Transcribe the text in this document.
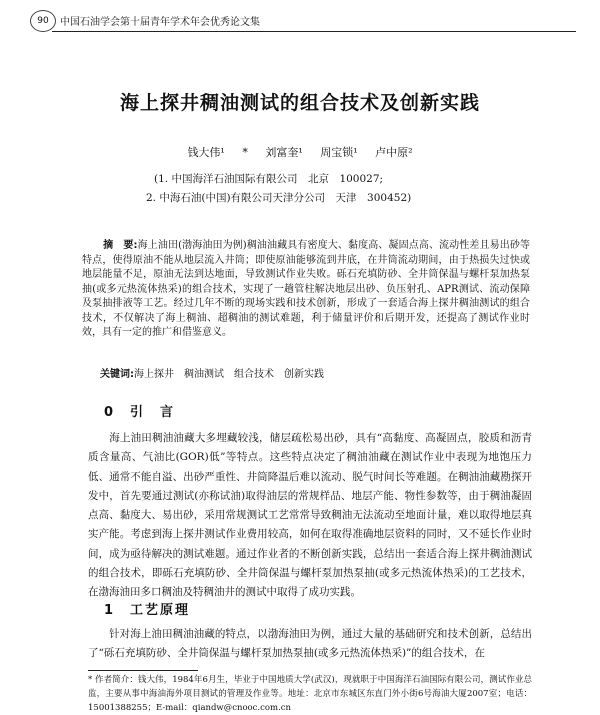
90	中国石油学会第十届青年学术年会优秀论文集
海上探井稠油测试的组合技术及创新实践
钱大伟¹ * 刘富奎¹ 周宝锁¹ 卢中原²
(1. 中国海洋石油国际有限公司　北京　100027;
2. 中海石油(中国)有限公司天津分公司　天津　300452)
摘　要:海上油田(渤海油田为例)稠油油藏具有密度大、黏度高、凝固点高、流动性差且易出砂等特点，使得原油不能从地层流入井筒；即使原油能够流到井底，在井筒流动期间，由于热损失过快或地层能量不足，原油无法到达地面，导致测试作业失败。砾石充填防砂、全井筒保温与螺杆泵加热泵抽(或多元热流体热采)的组合技术，实现了一趟管柱解决地层出砂、负压射孔、APR测试、流动保障及泵抽排液等工艺。经过几年不断的现场实践和技术创新，形成了一套适合海上探井稠油测试的组合技术，不仅解决了海上稠油、超稠油的测试难题，利于储量评价和后期开发，还提高了测试作业时效，具有一定的推广和借鉴意义。
关键词:海上探井　稠油测试　组合技术　创新实践
0　引　言
海上油田稠油油藏大多埋藏较浅，储层疏松易出砂，具有“高黏度、高凝固点，胶质和沥青质含量高、气油比(GOR)低”等特点。这些特点决定了稠油油藏在测试作业中表现为地饱压力低、通常不能自溢、出砂严重性、井筒降温后难以流动、脱气时间长等难题。在稠油油藏勘探开发中，首先要通过测试(亦称试油)取得油层的常规样品、地层产能、物性参数等，由于稠油凝固点高、黏度大、易出砂，采用常规测试工艺常常导致稠油无法流动至地面计量，难以取得地层真实产能。考虑到海上探井测试作业费用较高，如何在取得准确地层资料的同时，又不延长作业时间，成为亟待解决的测试难题。通过作业者的不断创新实践，总结出一套适合海上探井稠油测试的组合技术，即砾石充填防砂、全井筒保温与螺杆泵加热泵抽(或多元热流体热采)的工艺技术，在渤海油田多口稠油及特稠油井的测试中取得了成功实践。
1　工艺原理
针对海上油田稠油油藏的特点，以渤海油田为例，通过大量的基础研究和技术创新，总结出了“砾石充填防砂、全井筒保温与螺杆泵加热泵抽(或多元热流体热采)”的组合技术，在
* 作者简介：钱大伟，1984年6月生，毕业于中国地质大学(武汉)，现就职于中国海洋石油国际有限公司，测试作业总监，主要从事中海油海外项目测试的管理及作业等。地址：北京市东城区东直门外小街6号海油大厦2007室；电话：15001388255；E-mail：qiandw@cnooc.com.cn
